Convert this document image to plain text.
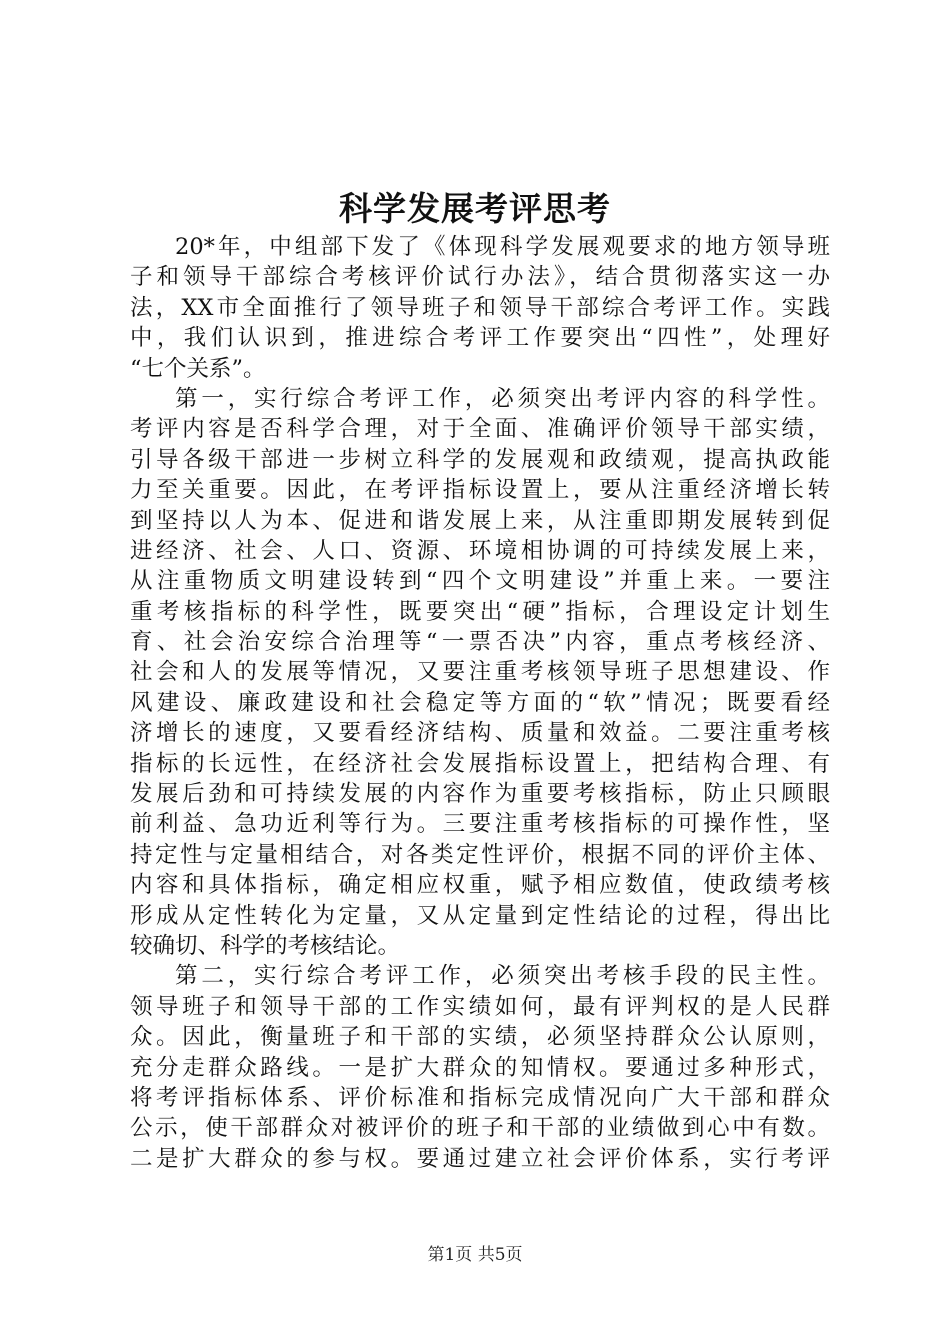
科学发展考评思考
20*年，中组部下发了《体现科学发展观要求的地方领导班
子和领导干部综合考核评价试行办法》，结合贯彻落实这一办
法，XX市全面推行了领导班子和领导干部综合考评工作。实践
中，我们认识到，推进综合考评工作要突出“四性”，处理好
“七个关系”。
第一，实行综合考评工作，必须突出考评内容的科学性。
考评内容是否科学合理，对于全面、准确评价领导干部实绩，
引导各级干部进一步树立科学的发展观和政绩观，提高执政能
力至关重要。因此，在考评指标设置上，要从注重经济增长转
到坚持以人为本、促进和谐发展上来，从注重即期发展转到促
进经济、社会、人口、资源、环境相协调的可持续发展上来，
从注重物质文明建设转到“四个文明建设”并重上来。一要注
重考核指标的科学性，既要突出“硬”指标，合理设定计划生
育、社会治安综合治理等“一票否决”内容，重点考核经济、
社会和人的发展等情况，又要注重考核领导班子思想建设、作
风建设、廉政建设和社会稳定等方面的“软”情况；既要看经
济增长的速度，又要看经济结构、质量和效益。二要注重考核
指标的长远性，在经济社会发展指标设置上，把结构合理、有
发展后劲和可持续发展的内容作为重要考核指标，防止只顾眼
前利益、急功近利等行为。三要注重考核指标的可操作性，坚
持定性与定量相结合，对各类定性评价，根据不同的评价主体、
内容和具体指标，确定相应权重，赋予相应数值，使政绩考核
形成从定性转化为定量，又从定量到定性结论的过程，得出比
较确切、科学的考核结论。
第二，实行综合考评工作，必须突出考核手段的民主性。
领导班子和领导干部的工作实绩如何，最有评判权的是人民群
众。因此，衡量班子和干部的实绩，必须坚持群众公认原则，
充分走群众路线。一是扩大群众的知情权。要通过多种形式，
将考评指标体系、评价标准和指标完成情况向广大干部和群众
公示，使干部群众对被评价的班子和干部的业绩做到心中有数。
二是扩大群众的参与权。要通过建立社会评价体系，实行考评
第1页 共5页
